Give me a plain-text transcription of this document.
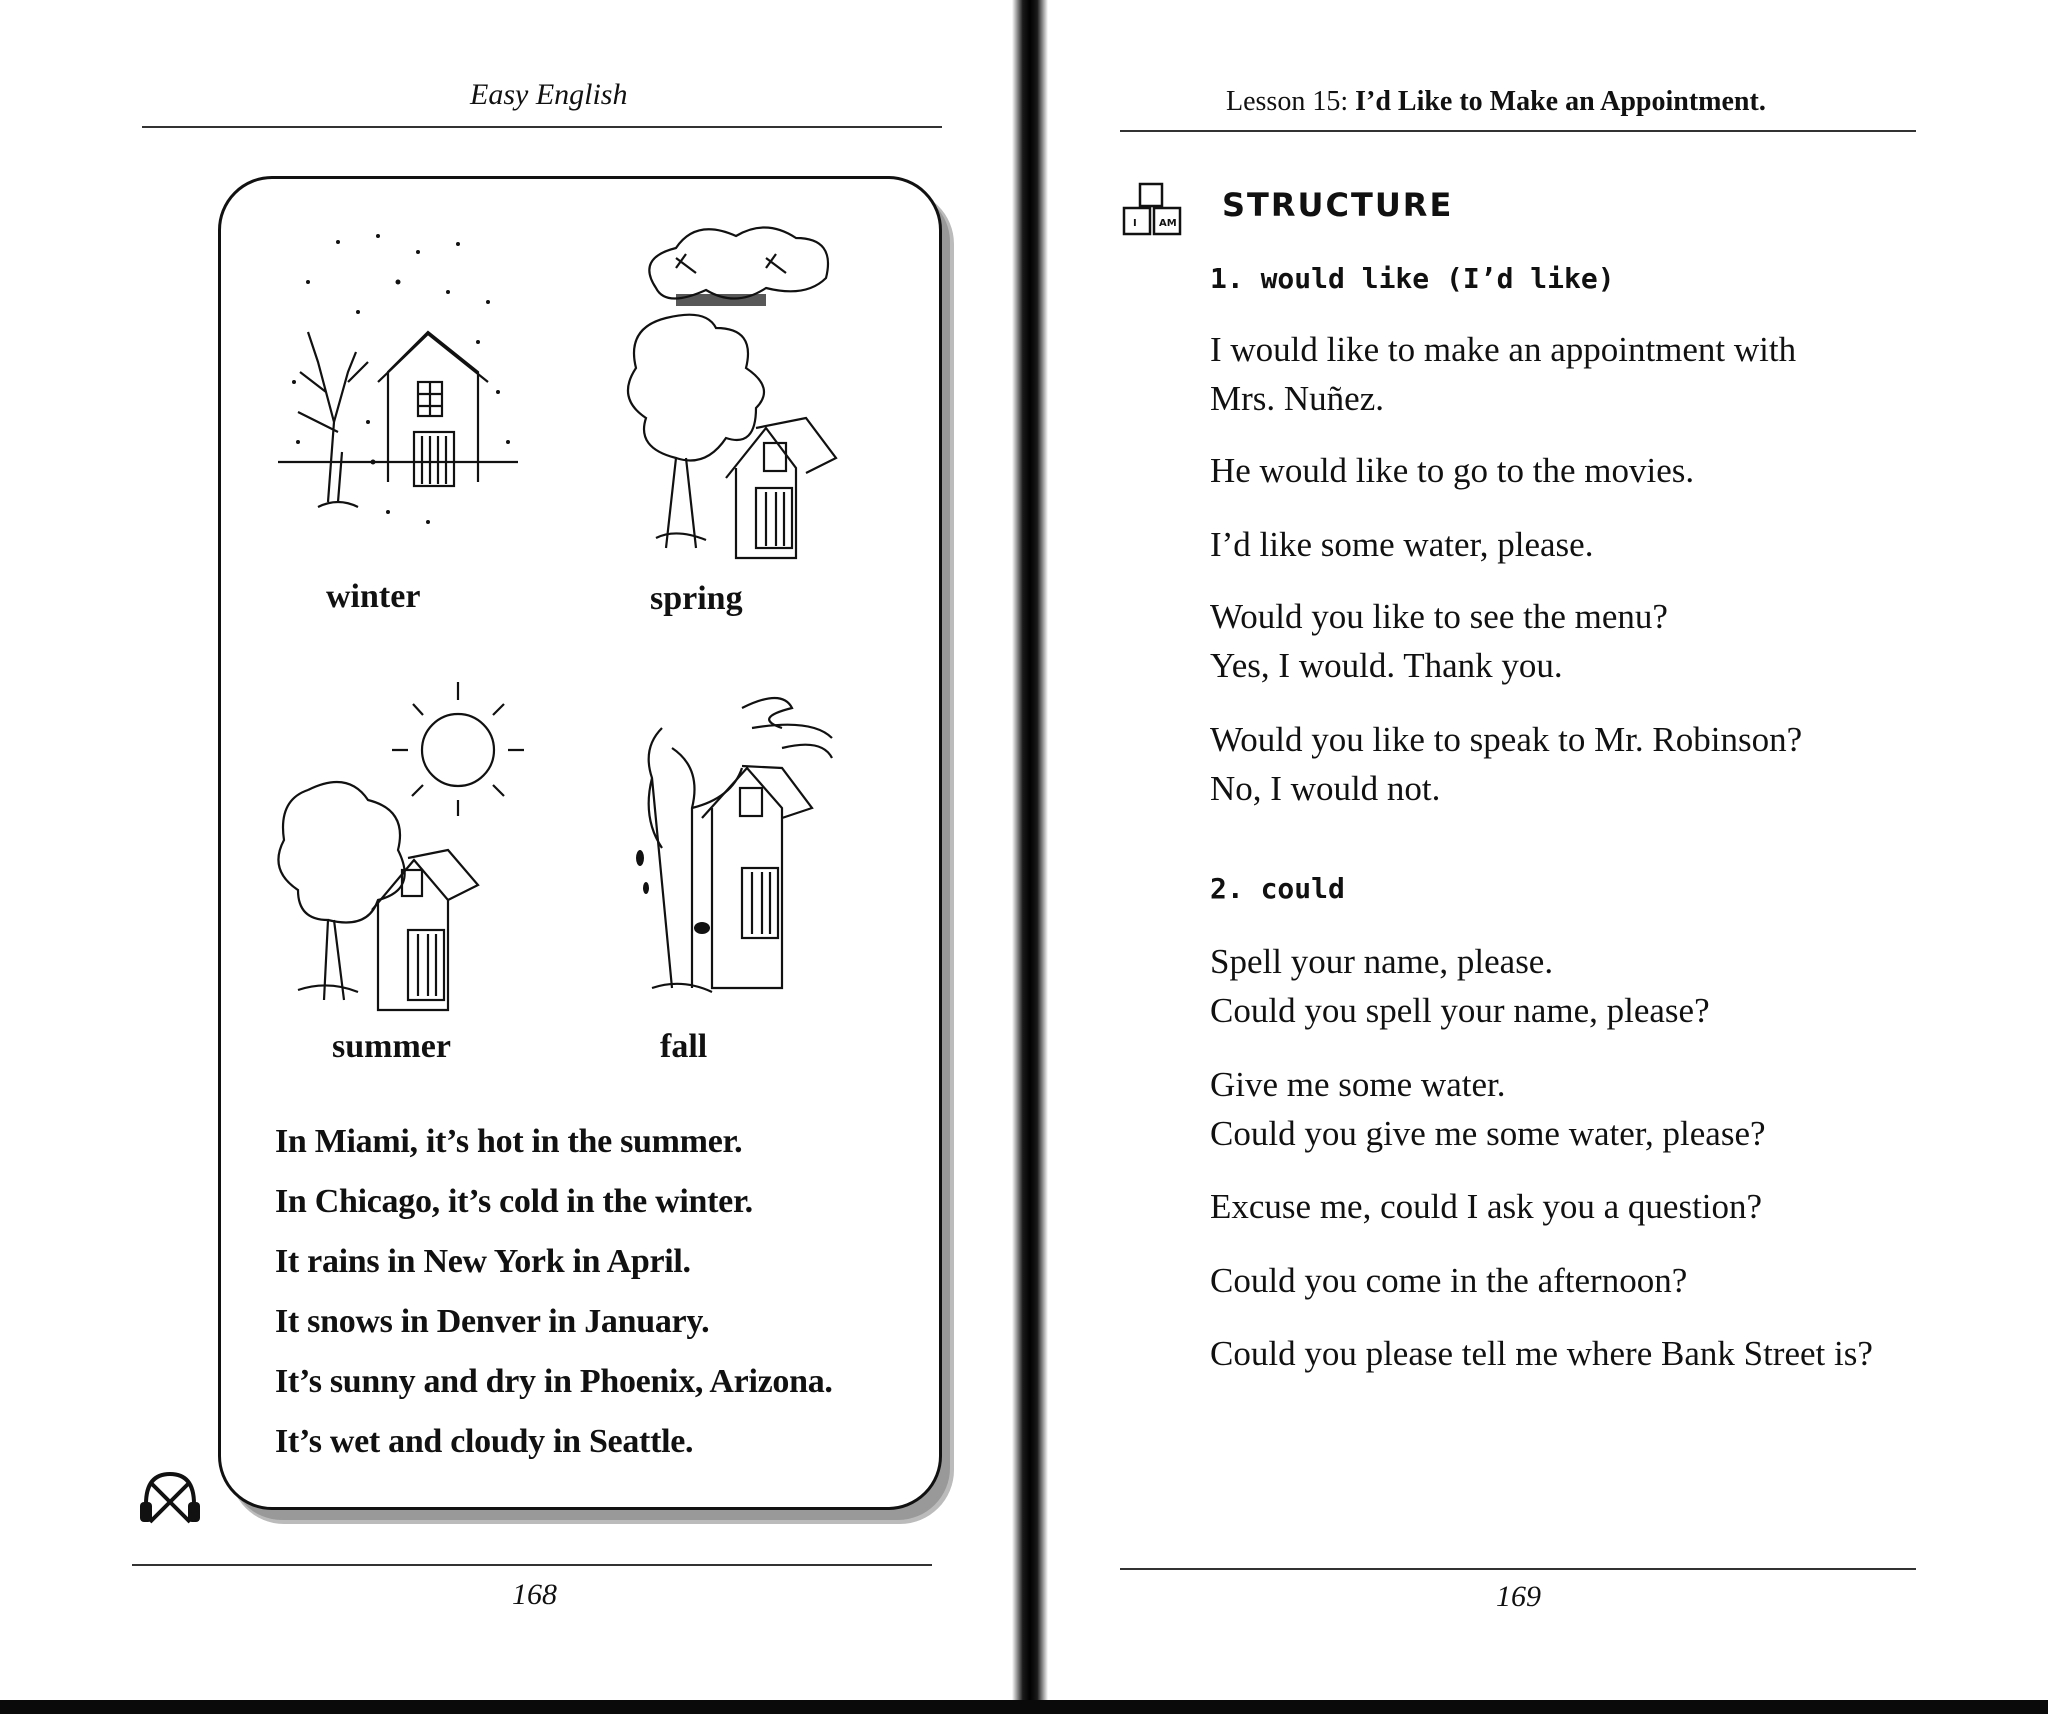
Easy English
winter	spring
summer	fall
In Miami, it’s hot in the summer.
In Chicago, it’s cold in the winter.
It rains in New York in April.
It snows in Denver in January.
It’s sunny and dry in Phoenix, Arizona.
It’s wet and cloudy in Seattle.
168
Lesson 15: I’d Like to Make an Appointment.
I AM STRUCTURE
1. would like (I’d like)
I would like to make an appointment with
Mrs. Nuñez.
He would like to go to the movies.
I’d like some water, please.
Would you like to see the menu?
Yes, I would. Thank you.
Would you like to speak to Mr. Robinson?
No, I would not.
2. could
Spell your name, please.
Could you spell your name, please?
Give me some water.
Could you give me some water, please?
Excuse me, could I ask you a question?
Could you come in the afternoon?
Could you please tell me where Bank Street is?
169
